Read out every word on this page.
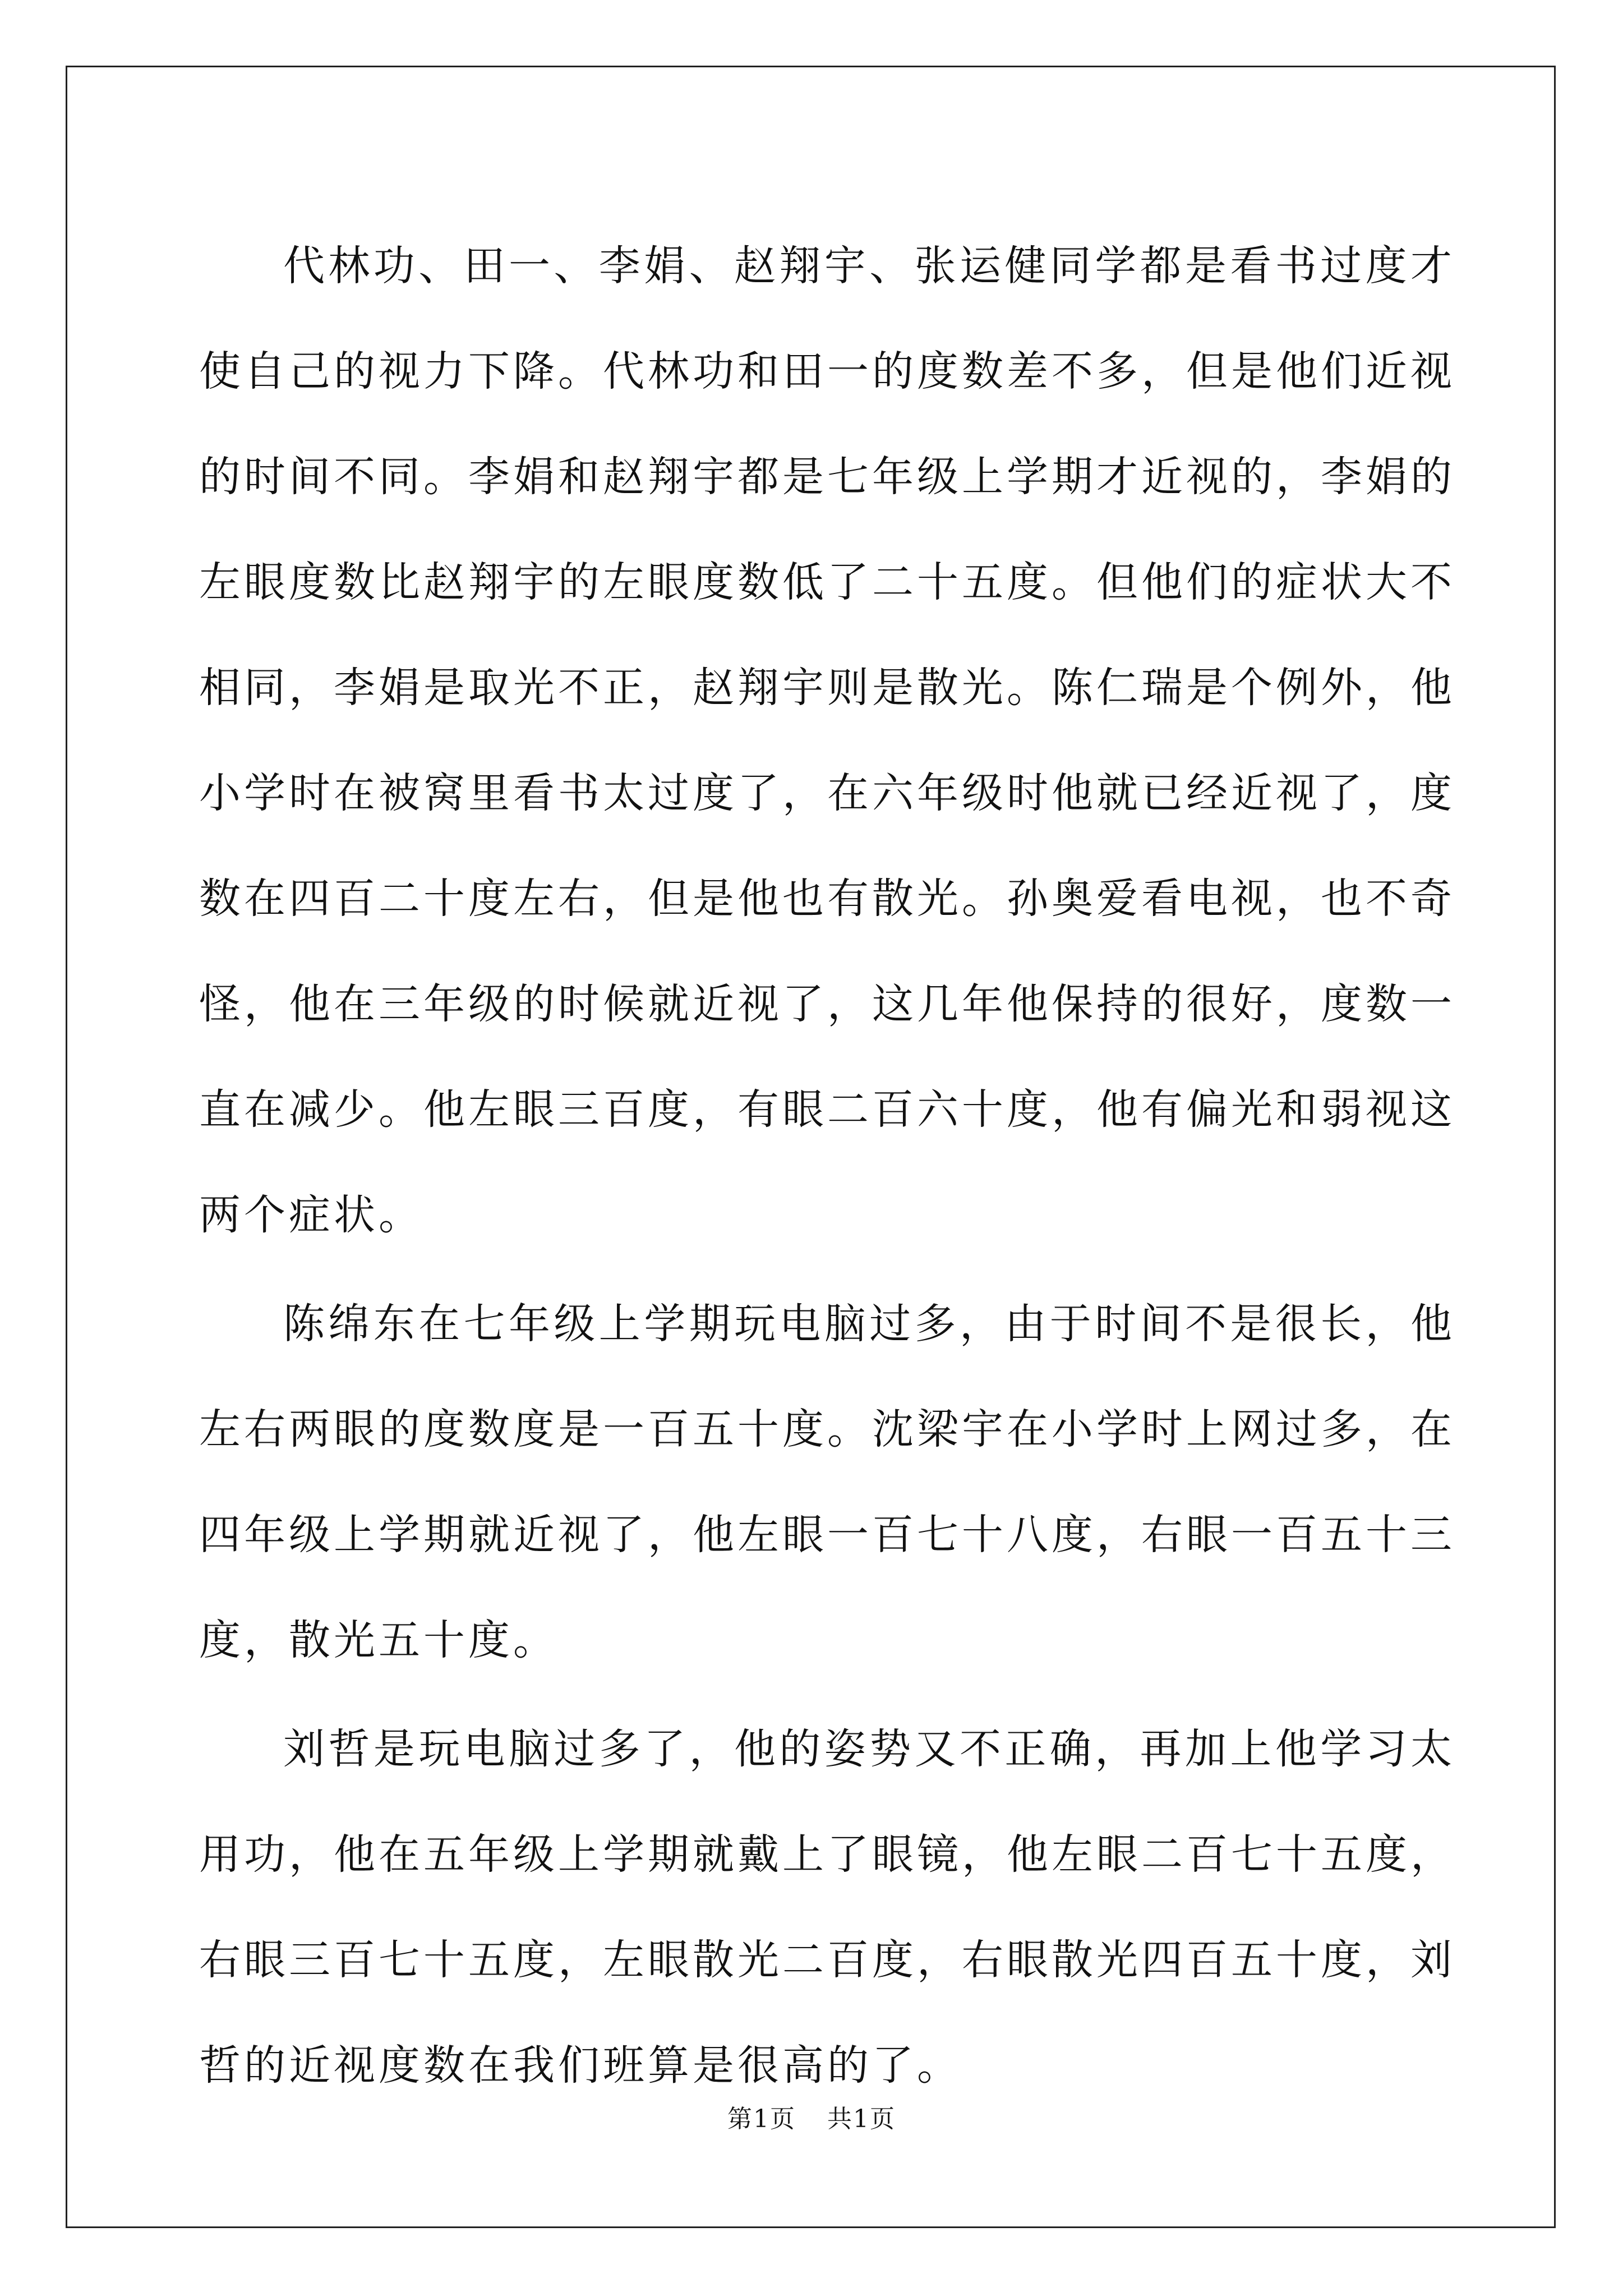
代林功、田一、李娟、赵翔宇、张运健同学都是看书过度才使自己的视力下降。代林功和田一的度数差不多，但是他们近视的时间不同。李娟和赵翔宇都是七年级上学期才近视的，李娟的左眼度数比赵翔宇的左眼度数低了二十五度。但他们的症状大不相同，李娟是取光不正，赵翔宇则是散光。陈仁瑞是个例外，他小学时在被窝里看书太过度了，在六年级时他就已经近视了，度数在四百二十度左右，但是他也有散光。孙奥爱看电视，也不奇怪，他在三年级的时候就近视了，这几年他保持的很好，度数一直在减少。他左眼三百度，有眼二百六十度，他有偏光和弱视这两个症状。

陈绵东在七年级上学期玩电脑过多，由于时间不是很长，他左右两眼的度数度是一百五十度。沈梁宇在小学时上网过多，在四年级上学期就近视了，他左眼一百七十八度，右眼一百五十三度，散光五十度。

刘哲是玩电脑过多了，他的姿势又不正确，再加上他学习太用功，他在五年级上学期就戴上了眼镜，他左眼二百七十五度，右眼三百七十五度，左眼散光二百度，右眼散光四百五十度，刘哲的近视度数在我们班算是很高的了。

第1页 共1页
